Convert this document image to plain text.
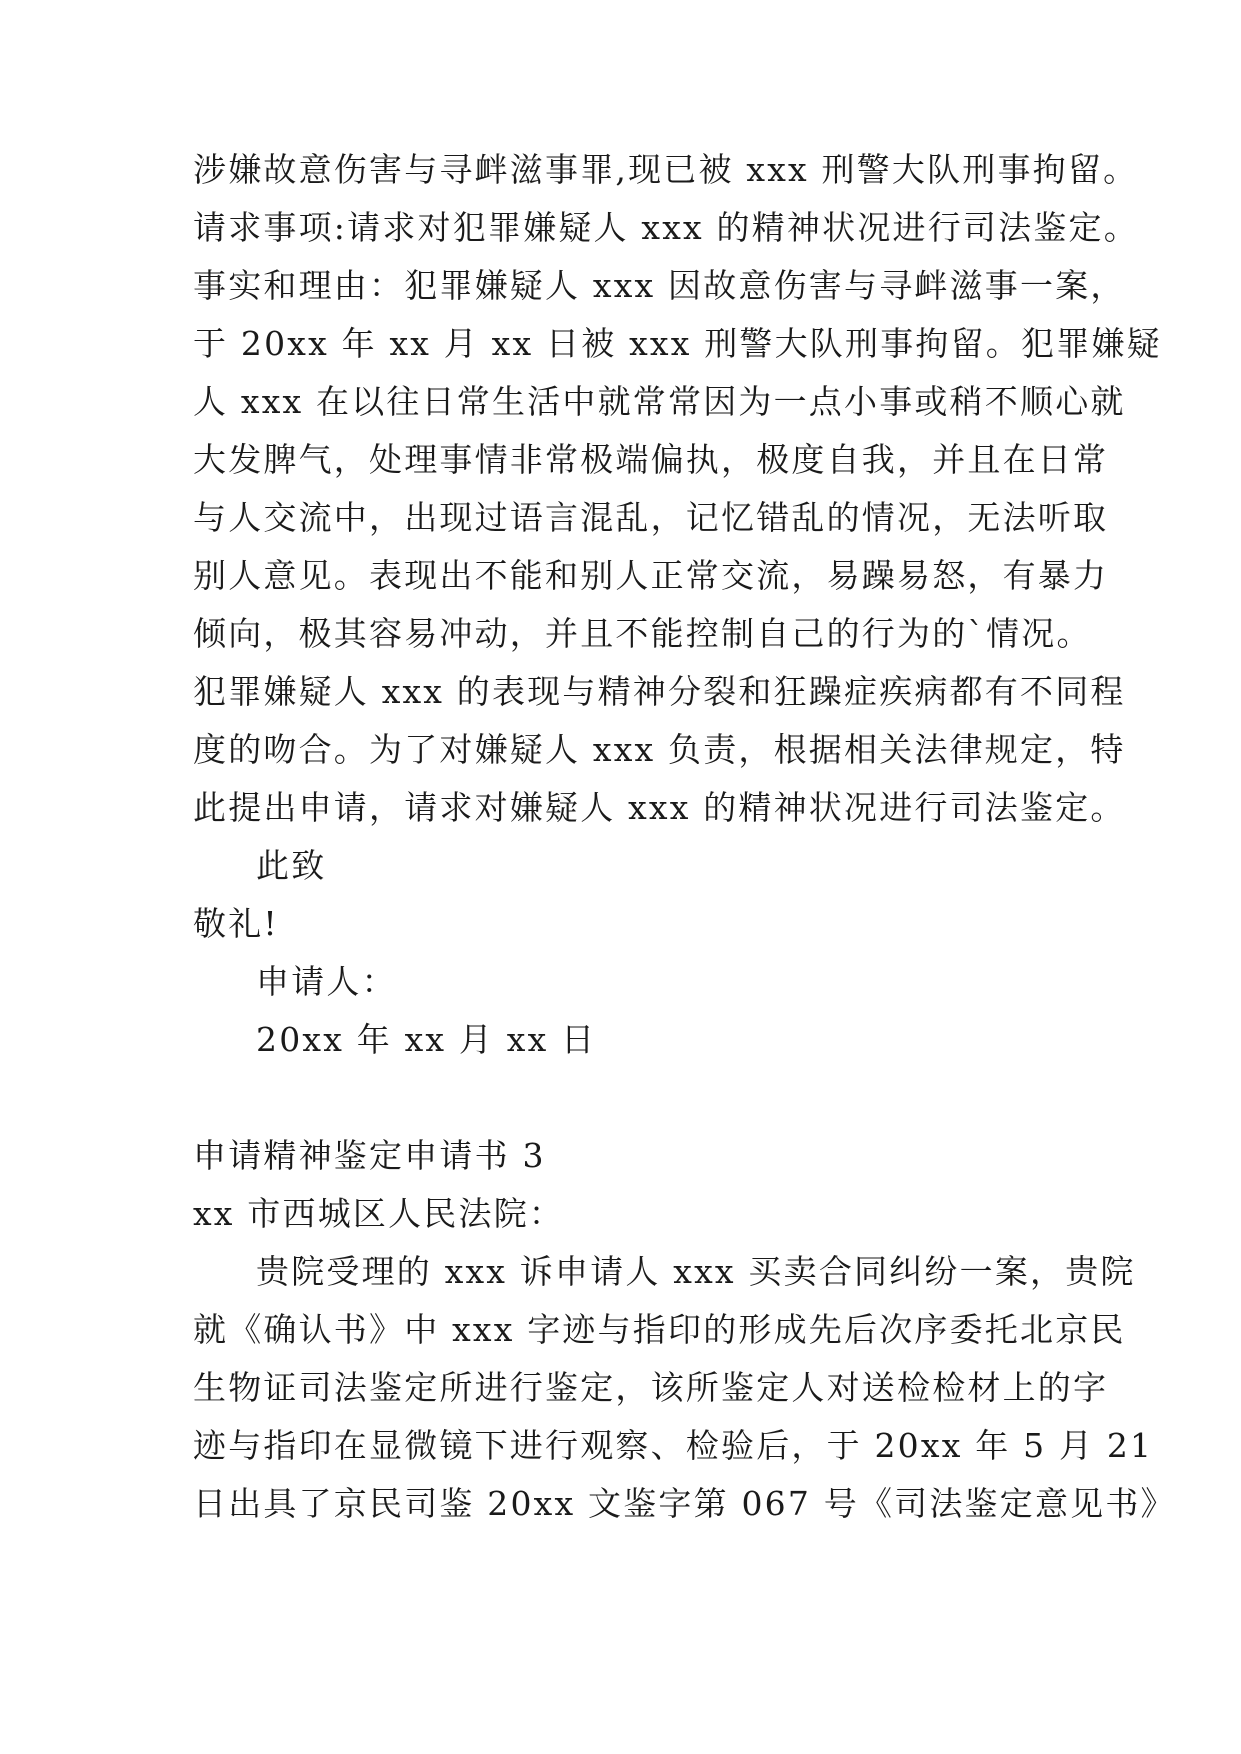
涉嫌故意伤害与寻衅滋事罪,现已被 xxx 刑警大队刑事拘留。
请求事项:请求对犯罪嫌疑人 xxx 的精神状况进行司法鉴定。
事实和理由：犯罪嫌疑人 xxx 因故意伤害与寻衅滋事一案，
于 20xx 年 xx 月 xx 日被 xxx 刑警大队刑事拘留。犯罪嫌疑
人 xxx 在以往日常生活中就常常因为一点小事或稍不顺心就
大发脾气，处理事情非常极端偏执，极度自我，并且在日常
与人交流中，出现过语言混乱，记忆错乱的情况，无法听取
别人意见。表现出不能和别人正常交流，易躁易怒，有暴力
倾向，极其容易冲动，并且不能控制自己的行为的`情况。
犯罪嫌疑人 xxx 的表现与精神分裂和狂躁症疾病都有不同程
度的吻合。为了对嫌疑人 xxx 负责，根据相关法律规定，特
此提出申请，请求对嫌疑人 xxx 的精神状况进行司法鉴定。
此致
敬礼!
申请人：
20xx 年 xx 月 xx 日
申请精神鉴定申请书 3
xx 市西城区人民法院：
贵院受理的 xxx 诉申请人 xxx 买卖合同纠纷一案，贵院
就《确认书》中 xxx 字迹与指印的形成先后次序委托北京民
生物证司法鉴定所进行鉴定，该所鉴定人对送检检材上的字
迹与指印在显微镜下进行观察、检验后，于 20xx 年 5 月 21
日出具了京民司鉴 20xx 文鉴字第 067 号《司法鉴定意见书》
